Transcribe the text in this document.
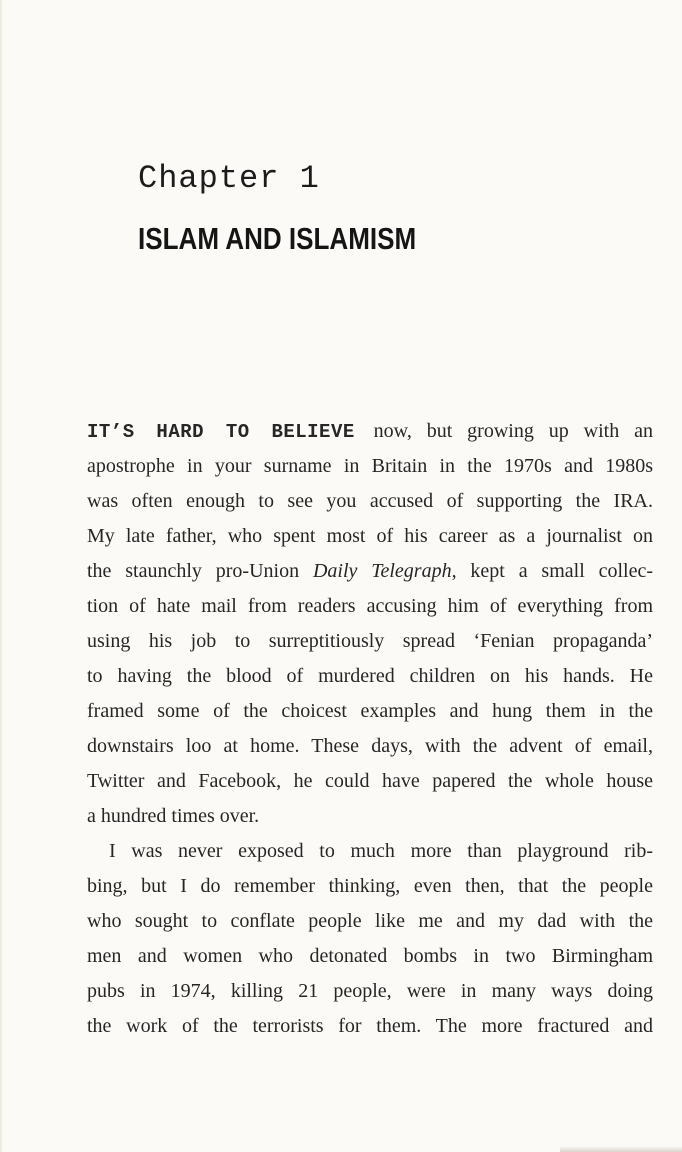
Chapter 1
ISLAM AND ISLAMISM
IT’S HARD TO BELIEVE now, but growing up with an
apostrophe in your surname in Britain in the 1970s and 1980s
was often enough to see you accused of supporting the IRA.
My late father, who spent most of his career as a journalist on
the staunchly pro-Union Daily Telegraph, kept a small collec-
tion of hate mail from readers accusing him of everything from
using his job to surreptitiously spread ‘Fenian propaganda’
to having the blood of murdered children on his hands. He
framed some of the choicest examples and hung them in the
downstairs loo at home. These days, with the advent of email,
Twitter and Facebook, he could have papered the whole house
a hundred times over.
I was never exposed to much more than playground rib-
bing, but I do remember thinking, even then, that the people
who sought to conflate people like me and my dad with the
men and women who detonated bombs in two Birmingham
pubs in 1974, killing 21 people, were in many ways doing
the work of the terrorists for them. The more fractured and
